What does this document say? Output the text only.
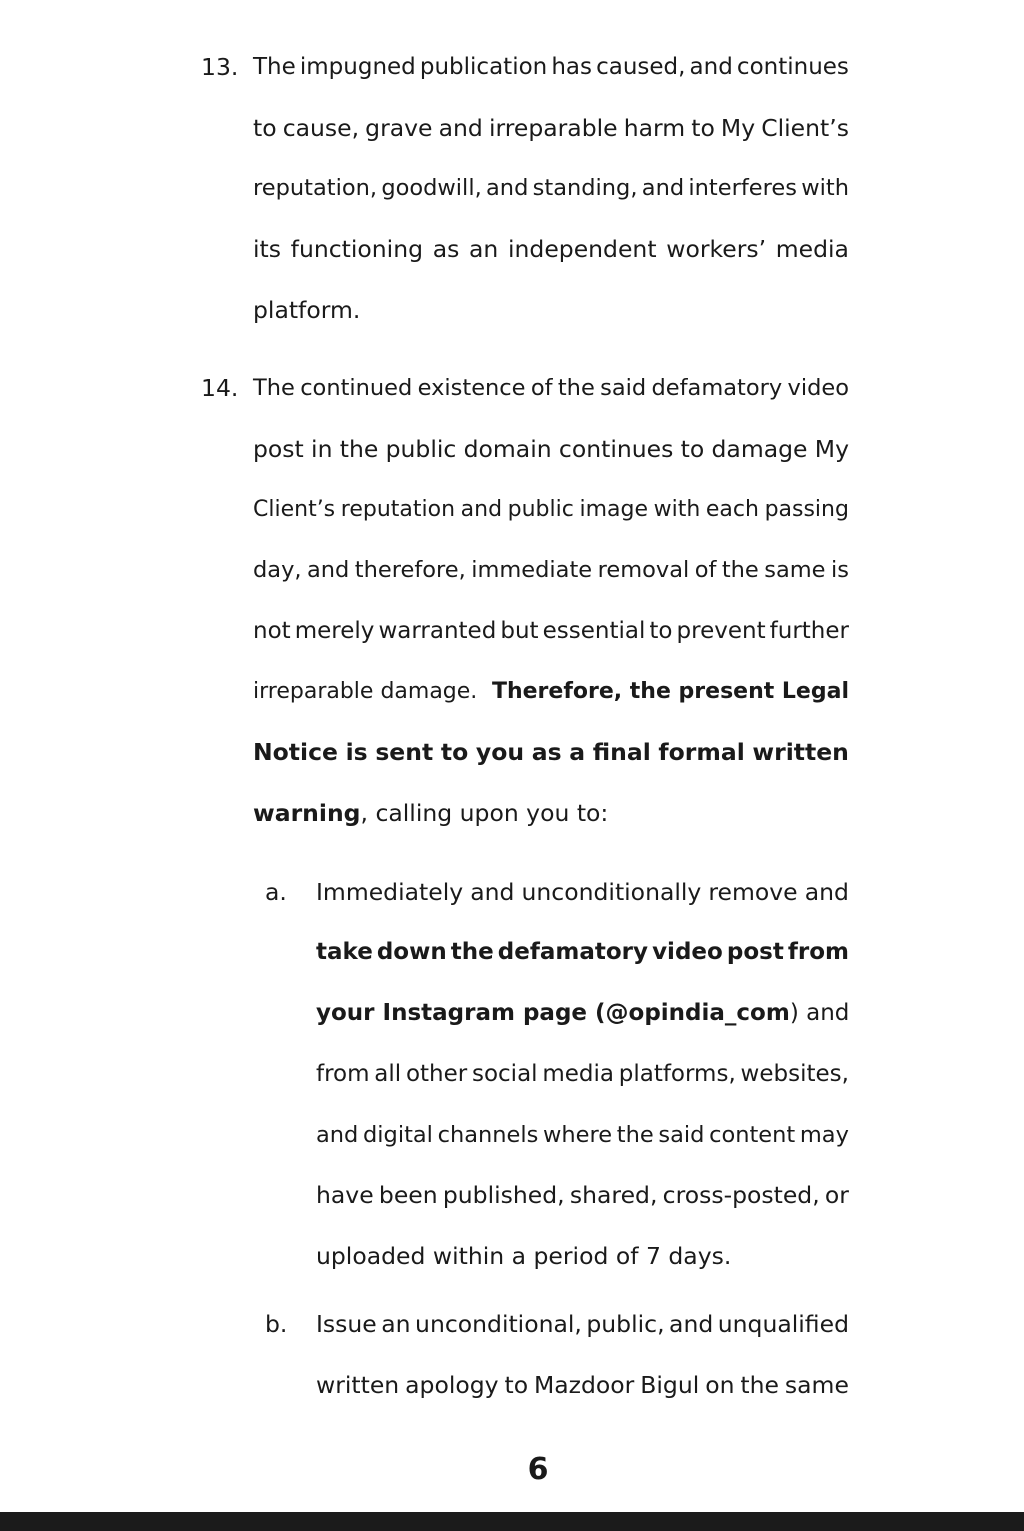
13. The impugned publication has caused, and continues
to cause, grave and irreparable harm to My Client’s
reputation, goodwill, and standing, and interferes with
its functioning as an independent workers’ media
platform.
14. The continued existence of the said defamatory video
post in the public domain continues to damage My
Client’s reputation and public image with each passing
day, and therefore, immediate removal of the same is
not merely warranted but essential to prevent further
irreparable damage. Therefore, the present Legal
Notice is sent to you as a final formal written
warning, calling upon you to:
a. Immediately and unconditionally remove and
take down the defamatory video post from
your Instagram page (@opindia_com ) and
from all other social media platforms, websites,
and digital channels where the said content may
have been published, shared, cross-posted, or
uploaded within a period of 7 days.
b. Issue an unconditional, public, and unqualified
written apology to Mazdoor Bigul on the same
6
